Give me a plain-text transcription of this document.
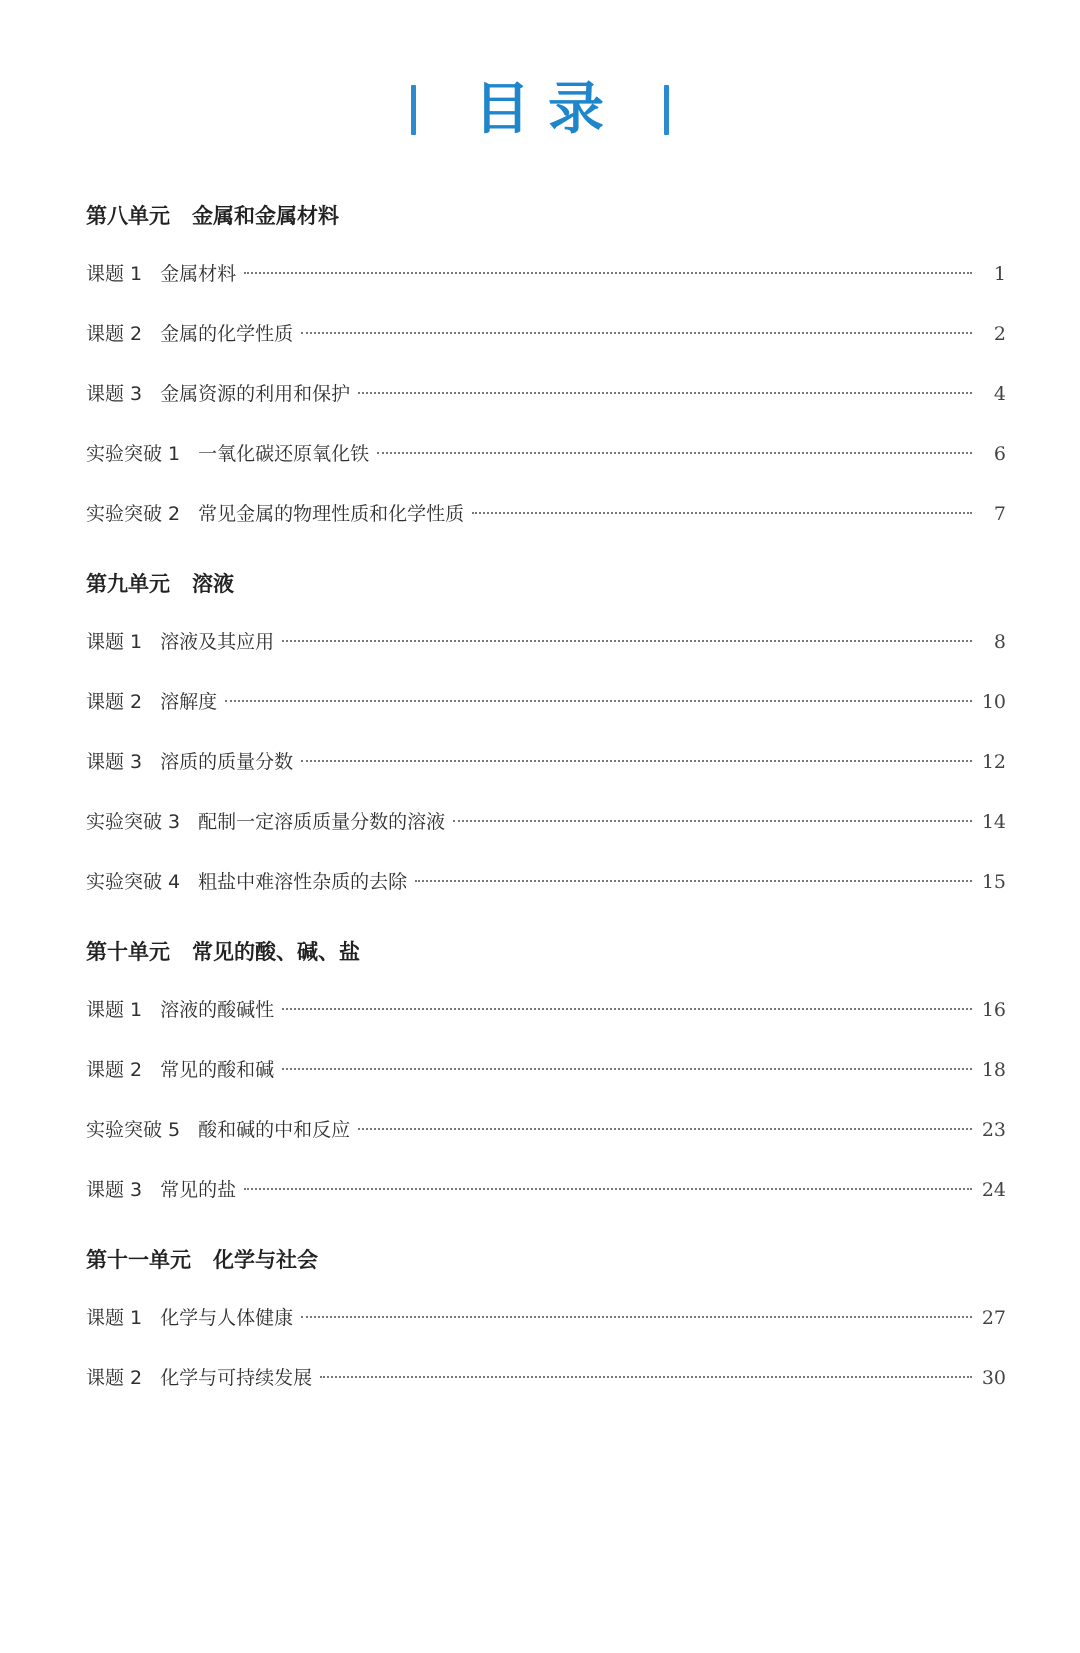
目录
第八单元 金属和金属材料
课题 1 金属材料	1
课题 2 金属的化学性质	2
课题 3 金属资源的利用和保护	4
实验突破 1 一氧化碳还原氧化铁	6
实验突破 2 常见金属的物理性质和化学性质	7
第九单元 溶液
课题 1 溶液及其应用	8
课题 2 溶解度	10
课题 3 溶质的质量分数	12
实验突破 3 配制一定溶质质量分数的溶液	14
实验突破 4 粗盐中难溶性杂质的去除	15
第十单元 常见的酸、碱、盐
课题 1 溶液的酸碱性	16
课题 2 常见的酸和碱	18
实验突破 5 酸和碱的中和反应	23
课题 3 常见的盐	24
第十一单元 化学与社会
课题 1 化学与人体健康	27
课题 2 化学与可持续发展	30
